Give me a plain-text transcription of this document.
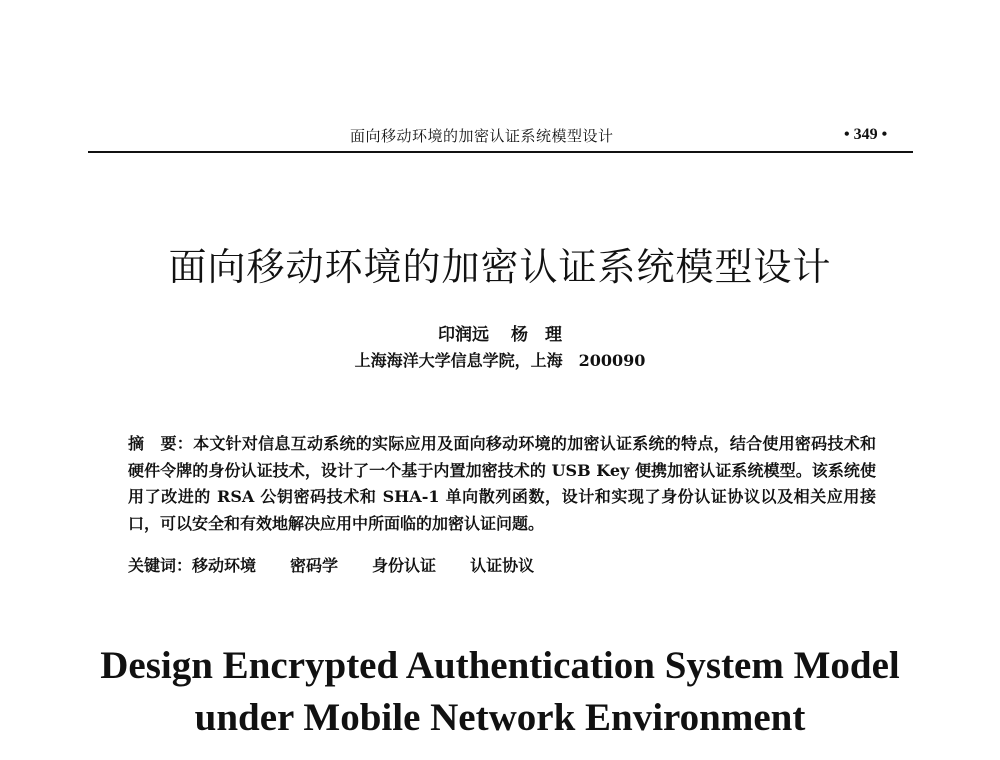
面向移动环境的加密认证系统模型设计	• 349 •
面向移动环境的加密认证系统模型设计
印润远 杨　理
上海海洋大学信息学院，上海　200090
摘　要：本文针对信息互动系统的实际应用及面向移动环境的加密认证系统的特点，结合使用密码技术和硬件令牌的身份认证技术，设计了一个基于内置加密技术的 USB Key 便携加密认证系统模型。该系统使用了改进的 RSA 公钥密码技术和 SHA-1 单向散列函数，设计和实现了身份认证协议以及相关应用接口，可以安全和有效地解决应用中所面临的加密认证问题。
关键词：移动环境 密码学 身份认证 认证协议
Design Encrypted Authentication System Model
under Mobile Network Environment
